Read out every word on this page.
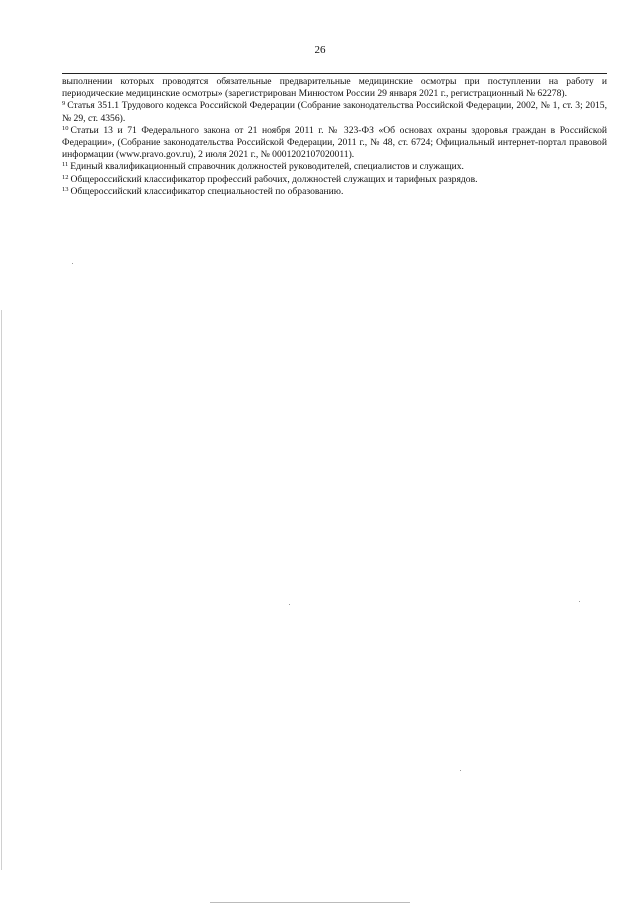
26

выполнении которых проводятся обязательные предварительные медицинские осмотры при поступлении на работу и периодические медицинские осмотры» (зарегистрирован Минюстом России 29 января 2021 г., регистрационный № 62278).

$^9$ Статья 351.1 Трудового кодекса Российской Федерации (Собрание законодательства Российской Федерации, 2002, № 1, ст. 3; 2015, № 29, ст. 4356).

$^{10}$ Статьи 13 и 71 Федерального закона от 21 ноября 2011 г. № 323-ФЗ «Об основах охраны здоровья граждан в Российской Федерации», (Собрание законодательства Российской Федерации, 2011 г., № 48, ст. 6724; Официальный интернет-портал правовой информации (www.pravo.gov.ru), 2 июля 2021 г., № 0001202107020011).

$^{11}$ Единый квалификационный справочник должностей руководителей, специалистов и служащих.

$^{12}$ Общероссийский классификатор профессий рабочих, должностей служащих и тарифных разрядов.

$^{13}$ Общероссийский классификатор специальностей по образованию.
